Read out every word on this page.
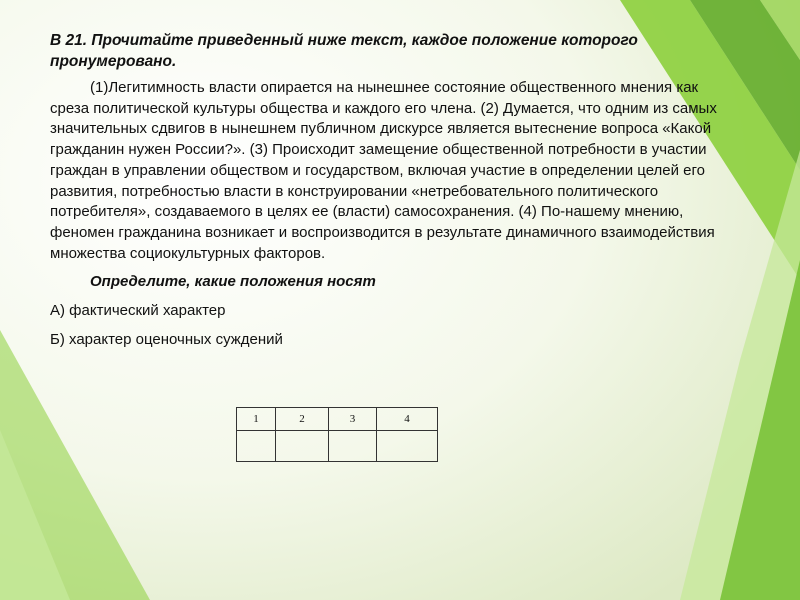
В 21. Прочитайте приведенный ниже текст, каждое положение которого пронумеровано.

(1)Легитимность власти опирается на нынешнее состояние общественного мнения как среза политической культуры общества и каждого его члена. (2) Думается, что одним из самых значительных сдвигов в нынешнем публичном дискурсе является вытеснение вопроса «Какой гражданин нужен России?». (3) Происходит замещение общественной потребности в участии граждан в управлении обществом и государством, включая участие в определении целей его развития, потребностью власти в конструировании «нетребовательного политического потребителя», создаваемого в целях ее (власти) самосохранения. (4) По-нашему мнению, феномен гражданина возникает и воспроизводится в результате динамичного взаимодействия множества социокультурных факторов.

Определите, какие положения носят

А) фактический характер

Б) характер оценочных суждений

1	2	3	4
